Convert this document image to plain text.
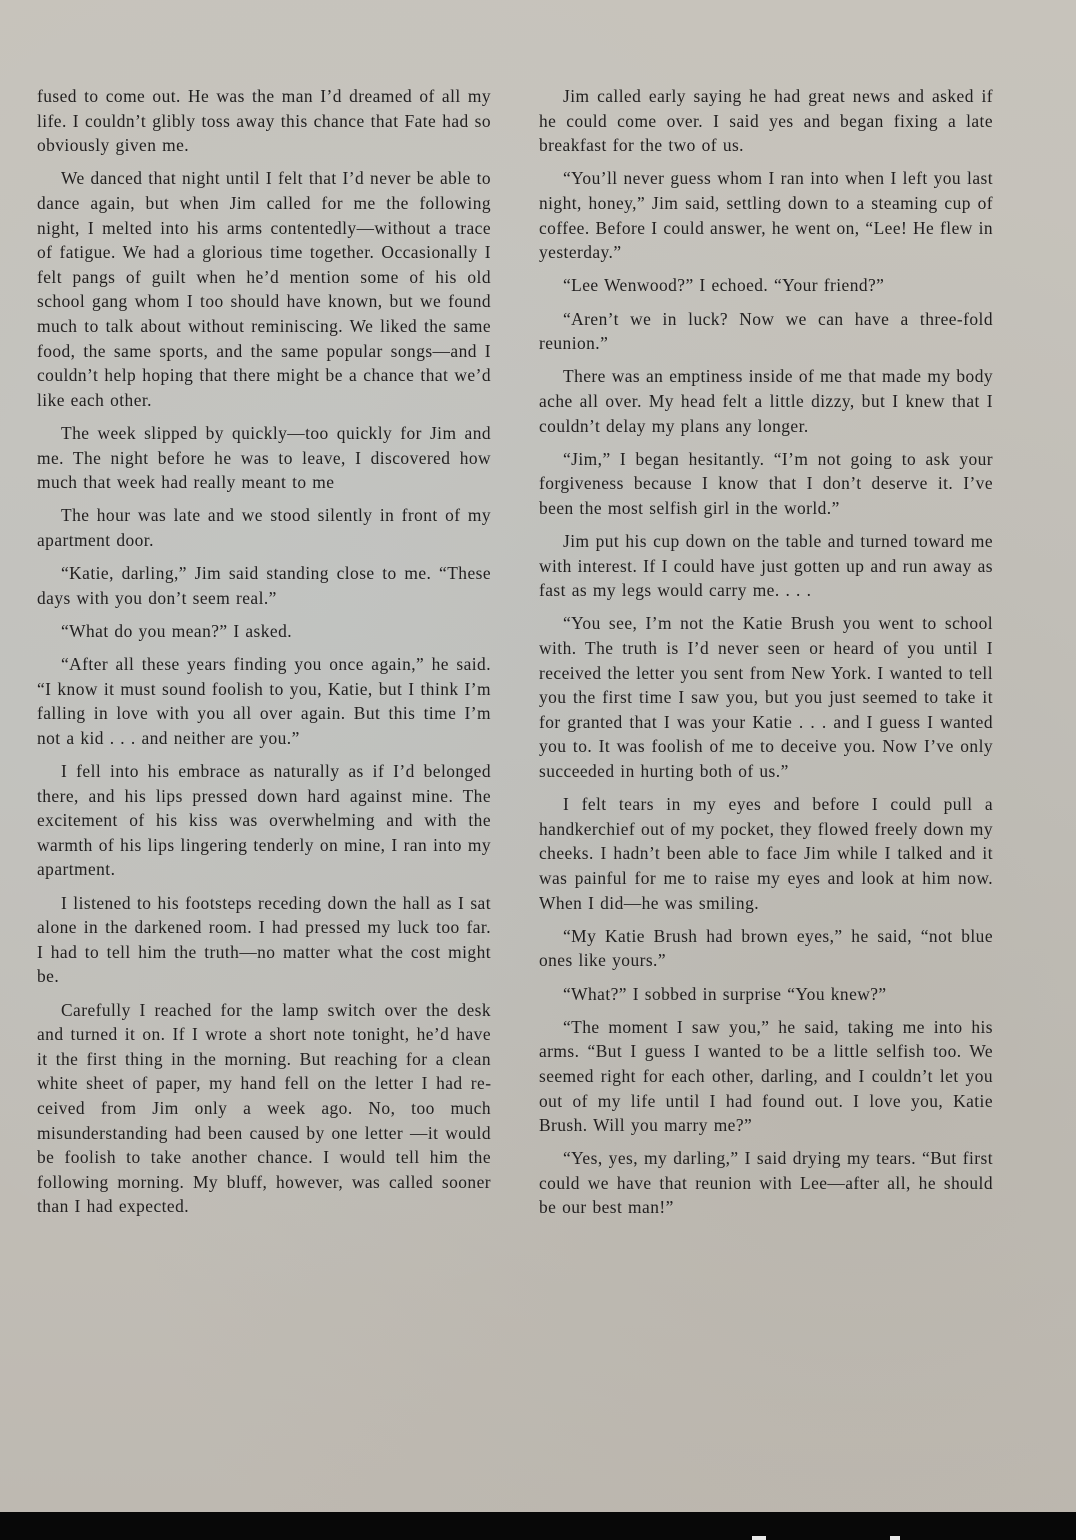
fused to come out. He was the man I’d dreamed of all my life. I couldn’t glibly toss away this chance that Fate had so obviously given me.

We danced that night until I felt that I’d never be able to dance again, but when Jim called for me the following night, I melted into his arms contentedly—without a trace of fatigue. We had a glorious time together. Occasionally I felt pangs of guilt when he’d mention some of his old school gang whom I too should have known, but we found much to talk about without reminiscing. We liked the same food, the same sports, and the same popular songs—and I couldn’t help hoping that there might be a chance that we’d like each other.

The week slipped by quickly—too quickly for Jim and me. The night before he was to leave, I discovered how much that week had really meant to me

The hour was late and we stood silently in front of my apartment door.

“Katie, darling,” Jim said standing close to me. “These days with you don’t seem real.”

“What do you mean?” I asked.

“After all these years finding you once again,” he said. “I know it must sound foolish to you, Katie, but I think I’m falling in love with you all over again. But this time I’m not a kid . . . and neither are you.”

I fell into his embrace as naturally as if I’d belonged there, and his lips pressed down hard against mine. The excitement of his kiss was overwhelming and with the warmth of his lips lingering tenderly on mine, I ran into my apartment.

I listened to his footsteps receding down the hall as I sat alone in the darkened room. I had pressed my luck too far. I had to tell him the truth—no matter what the cost might be.

Carefully I reached for the lamp switch over the desk and turned it on. If I wrote a short note tonight, he’d have it the first thing in the morning. But reaching for a clean white sheet of paper, my hand fell on the letter I had received from Jim only a week ago. No, too much misunderstanding had been caused by one letter —it would be foolish to take another chance. I would tell him the following morning. My bluff, however, was called sooner than I had expected.

Jim called early saying he had great news and asked if he could come over. I said yes and began fixing a late breakfast for the two of us.

“You’ll never guess whom I ran into when I left you last night, honey,” Jim said, settling down to a steaming cup of coffee. Before I could answer, he went on, “Lee! He flew in yesterday.”

“Lee Wenwood?” I echoed. “Your friend?”

“Aren’t we in luck? Now we can have a three-fold reunion.”

There was an emptiness inside of me that made my body ache all over. My head felt a little dizzy, but I knew that I couldn’t delay my plans any longer.

“Jim,” I began hesitantly. “I’m not going to ask your forgiveness because I know that I don’t deserve it. I’ve been the most selfish girl in the world.”

Jim put his cup down on the table and turned toward me with interest. If I could have just gotten up and run away as fast as my legs would carry me. . . .

“You see, I’m not the Katie Brush you went to school with. The truth is I’d never seen or heard of you until I received the letter you sent from New York. I wanted to tell you the first time I saw you, but you just seemed to take it for granted that I was your Katie . . . and I guess I wanted you to. It was foolish of me to deceive you. Now I’ve only succeeded in hurting both of us.”

I felt tears in my eyes and before I could pull a handkerchief out of my pocket, they flowed freely down my cheeks. I hadn’t been able to face Jim while I talked and it was painful for me to raise my eyes and look at him now. When I did—he was smiling.

“My Katie Brush had brown eyes,” he said, “not blue ones like yours.”

“What?” I sobbed in surprise “You knew?”

“The moment I saw you,” he said, taking me into his arms. “But I guess I wanted to be a little selfish too. We seemed right for each other, darling, and I couldn’t let you out of my life until I had found out. I love you, Katie Brush. Will you marry me?”

“Yes, yes, my darling,” I said drying my tears. “But first could we have that reunion with Lee—after all, he should be our best man!”
